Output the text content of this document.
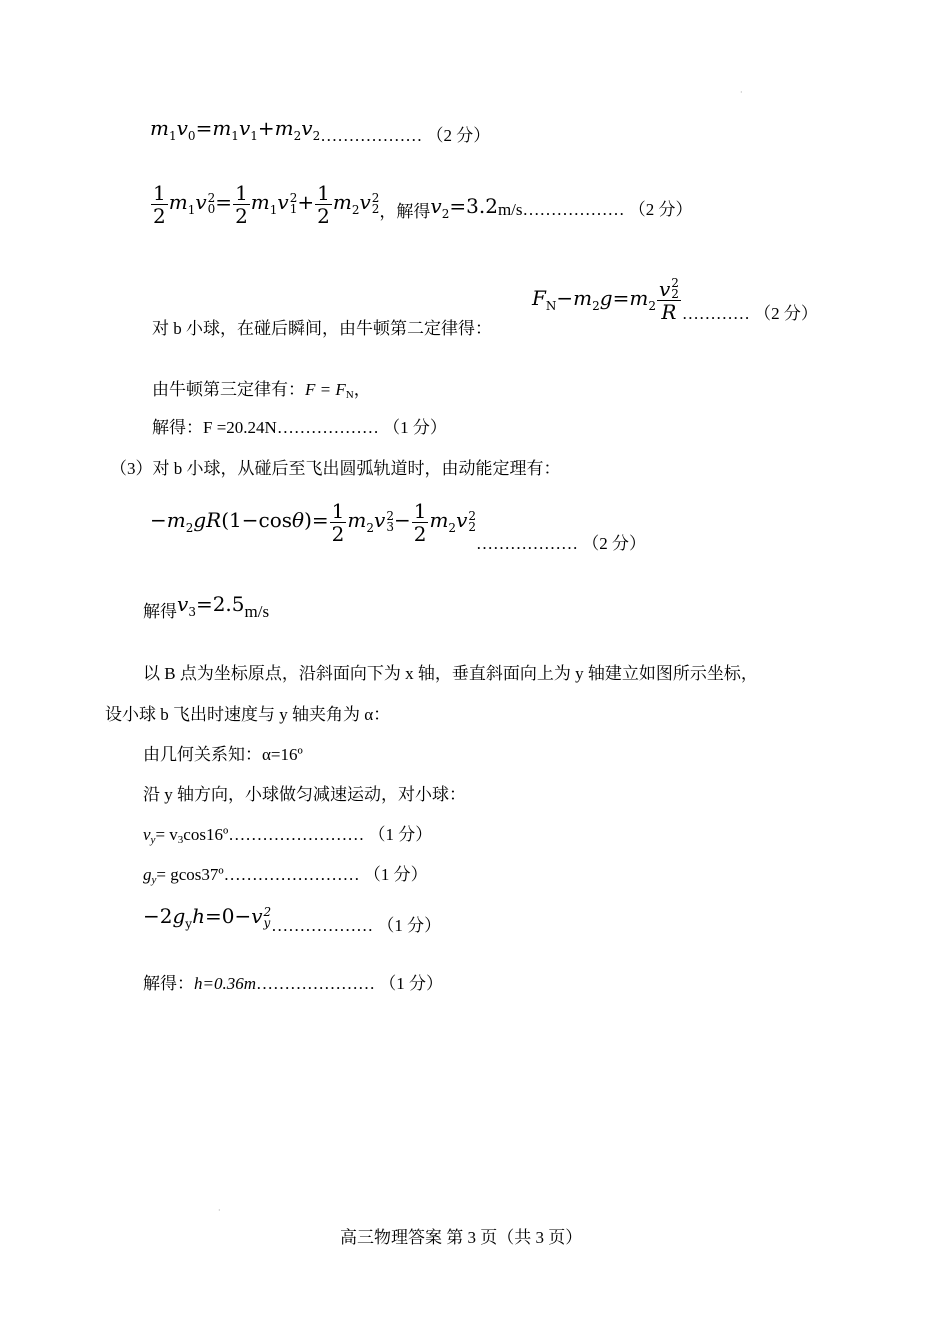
·
·
$m_1v_0=m_1v_1+m_2v_2\dots\dots\dots\dots\dots\dots$ （2 分）
$\frac{1}{2} m_1v$ 2
$0 = \frac{1}{2} m_1v$ 2
$1 + \frac{1}{2} m_2v$ 2
2 ，解得$v_2=3.2m/s\dots\dots\dots\dots\dots\dots$ （2 分）
对 b 小球，在碰后瞬间，由牛顿第二定律得：
$F_N-m_2g=m_2$ v 2
2
R ………… （2 分）
由牛顿第三定律有：F = FN，
解得：F =20.24N……………… （1 分）
（3）对 b 小球，从碰后至飞出圆弧轨道时，由动能定理有：
$-m_2gR(1-\cos\theta)= \frac{1}{2} m_2v$ 2
$3 - \frac{1}{2} m_2v$ 2
2
……………… （2 分）
解得$v_3=2.5m/s$
以 B 点为坐标原点，沿斜面向下为 x 轴，垂直斜面向上为 y 轴建立如图所示坐标，
设小球 b 飞出时速度与 y 轴夹角为 α：
由几何关系知：α=16º
沿 y 轴方向，小球做匀减速运动，对小球：
vy= v3cos16º…………………… （1 分）
gy= gcos37º…………………… （1 分）
$-2g_yh=0-v$ 2
y ……………… （1 分）
解得：h=0.36m………………… （1 分）
高三物理答案 第 3 页（共 3 页）
